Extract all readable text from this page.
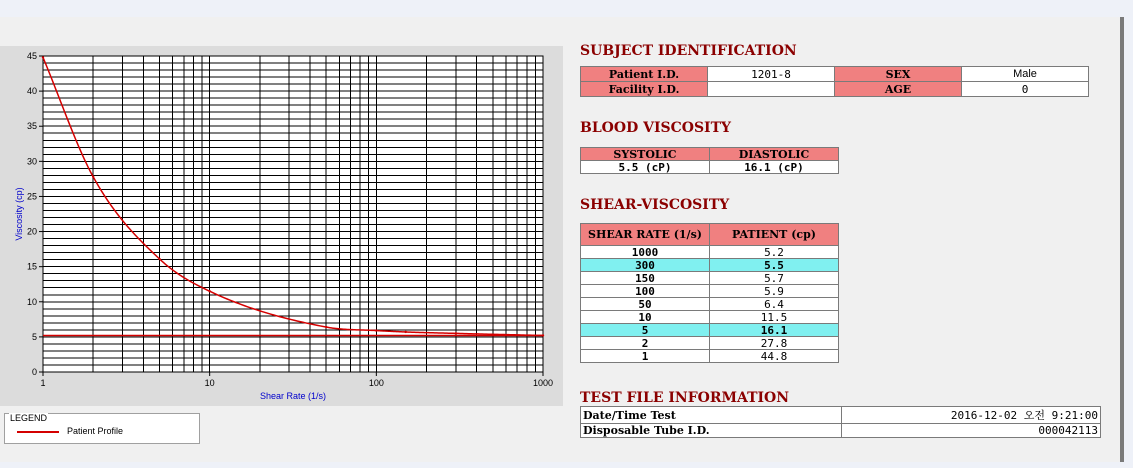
0
5
10
15
20
25
30
35
40
45
1	10	100	1000
Shear Rate (1/s)
Viscosity (cp)
LEGEND
Patient Profile
SUBJECT IDENTIFICATION
Patient I.D.	1201-8	SEX	Male
Facility I.D.		AGE	0
BLOOD VISCOSITY
SYSTOLIC	DIASTOLIC
5.5 (cP)	16.1 (cP)
SHEAR-VISCOSITY
SHEAR RATE (1/s)	PATIENT (cp)
1000	5.2
300	5.5
150	5.7
100	5.9
50	6.4
10	11.5
5	16.1
2	27.8
1	44.8
TEST FILE INFORMATION
Date/Time Test	2016-12-02 오전 9:21:00
Disposable Tube I.D.	000042113
